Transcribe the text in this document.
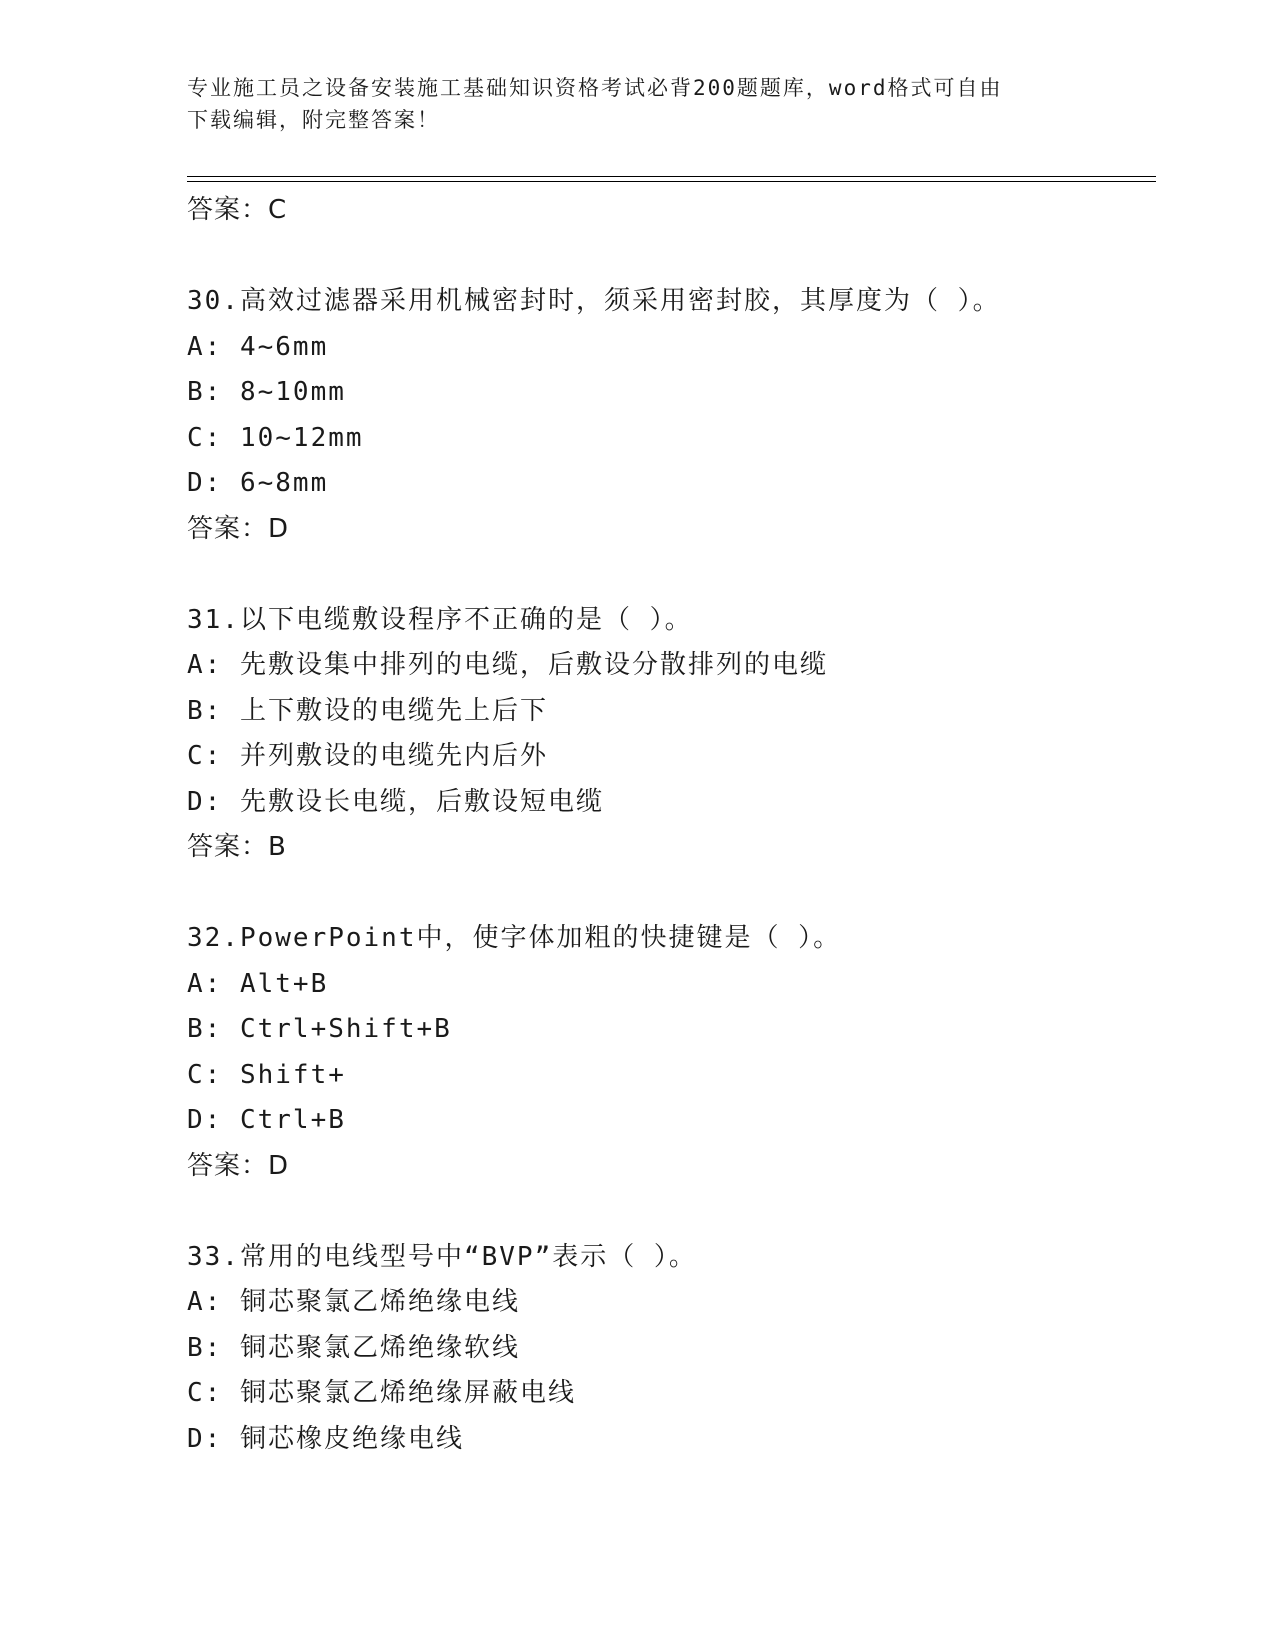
专业施工员之设备安装施工基础知识资格考试必背200题题库，word格式可自由
下载编辑，附完整答案！
答案：C
30.高效过滤器采用机械密封时，须采用密封胶，其厚度为（ ）。
A: 4~6mm
B: 8~10mm
C: 10~12mm
D: 6~8mm
答案：D
31.以下电缆敷设程序不正确的是（ ）。
A: 先敷设集中排列的电缆，后敷设分散排列的电缆
B: 上下敷设的电缆先上后下
C: 并列敷设的电缆先内后外
D: 先敷设长电缆，后敷设短电缆
答案：B
32.PowerPoint中，使字体加粗的快捷键是（ ）。
A: Alt+B
B: Ctrl+Shift+B
C: Shift+
D: Ctrl+B
答案：D
33.常用的电线型号中“BVP”表示（ ）。
A: 铜芯聚氯乙烯绝缘电线
B: 铜芯聚氯乙烯绝缘软线
C: 铜芯聚氯乙烯绝缘屏蔽电线
D: 铜芯橡皮绝缘电线
